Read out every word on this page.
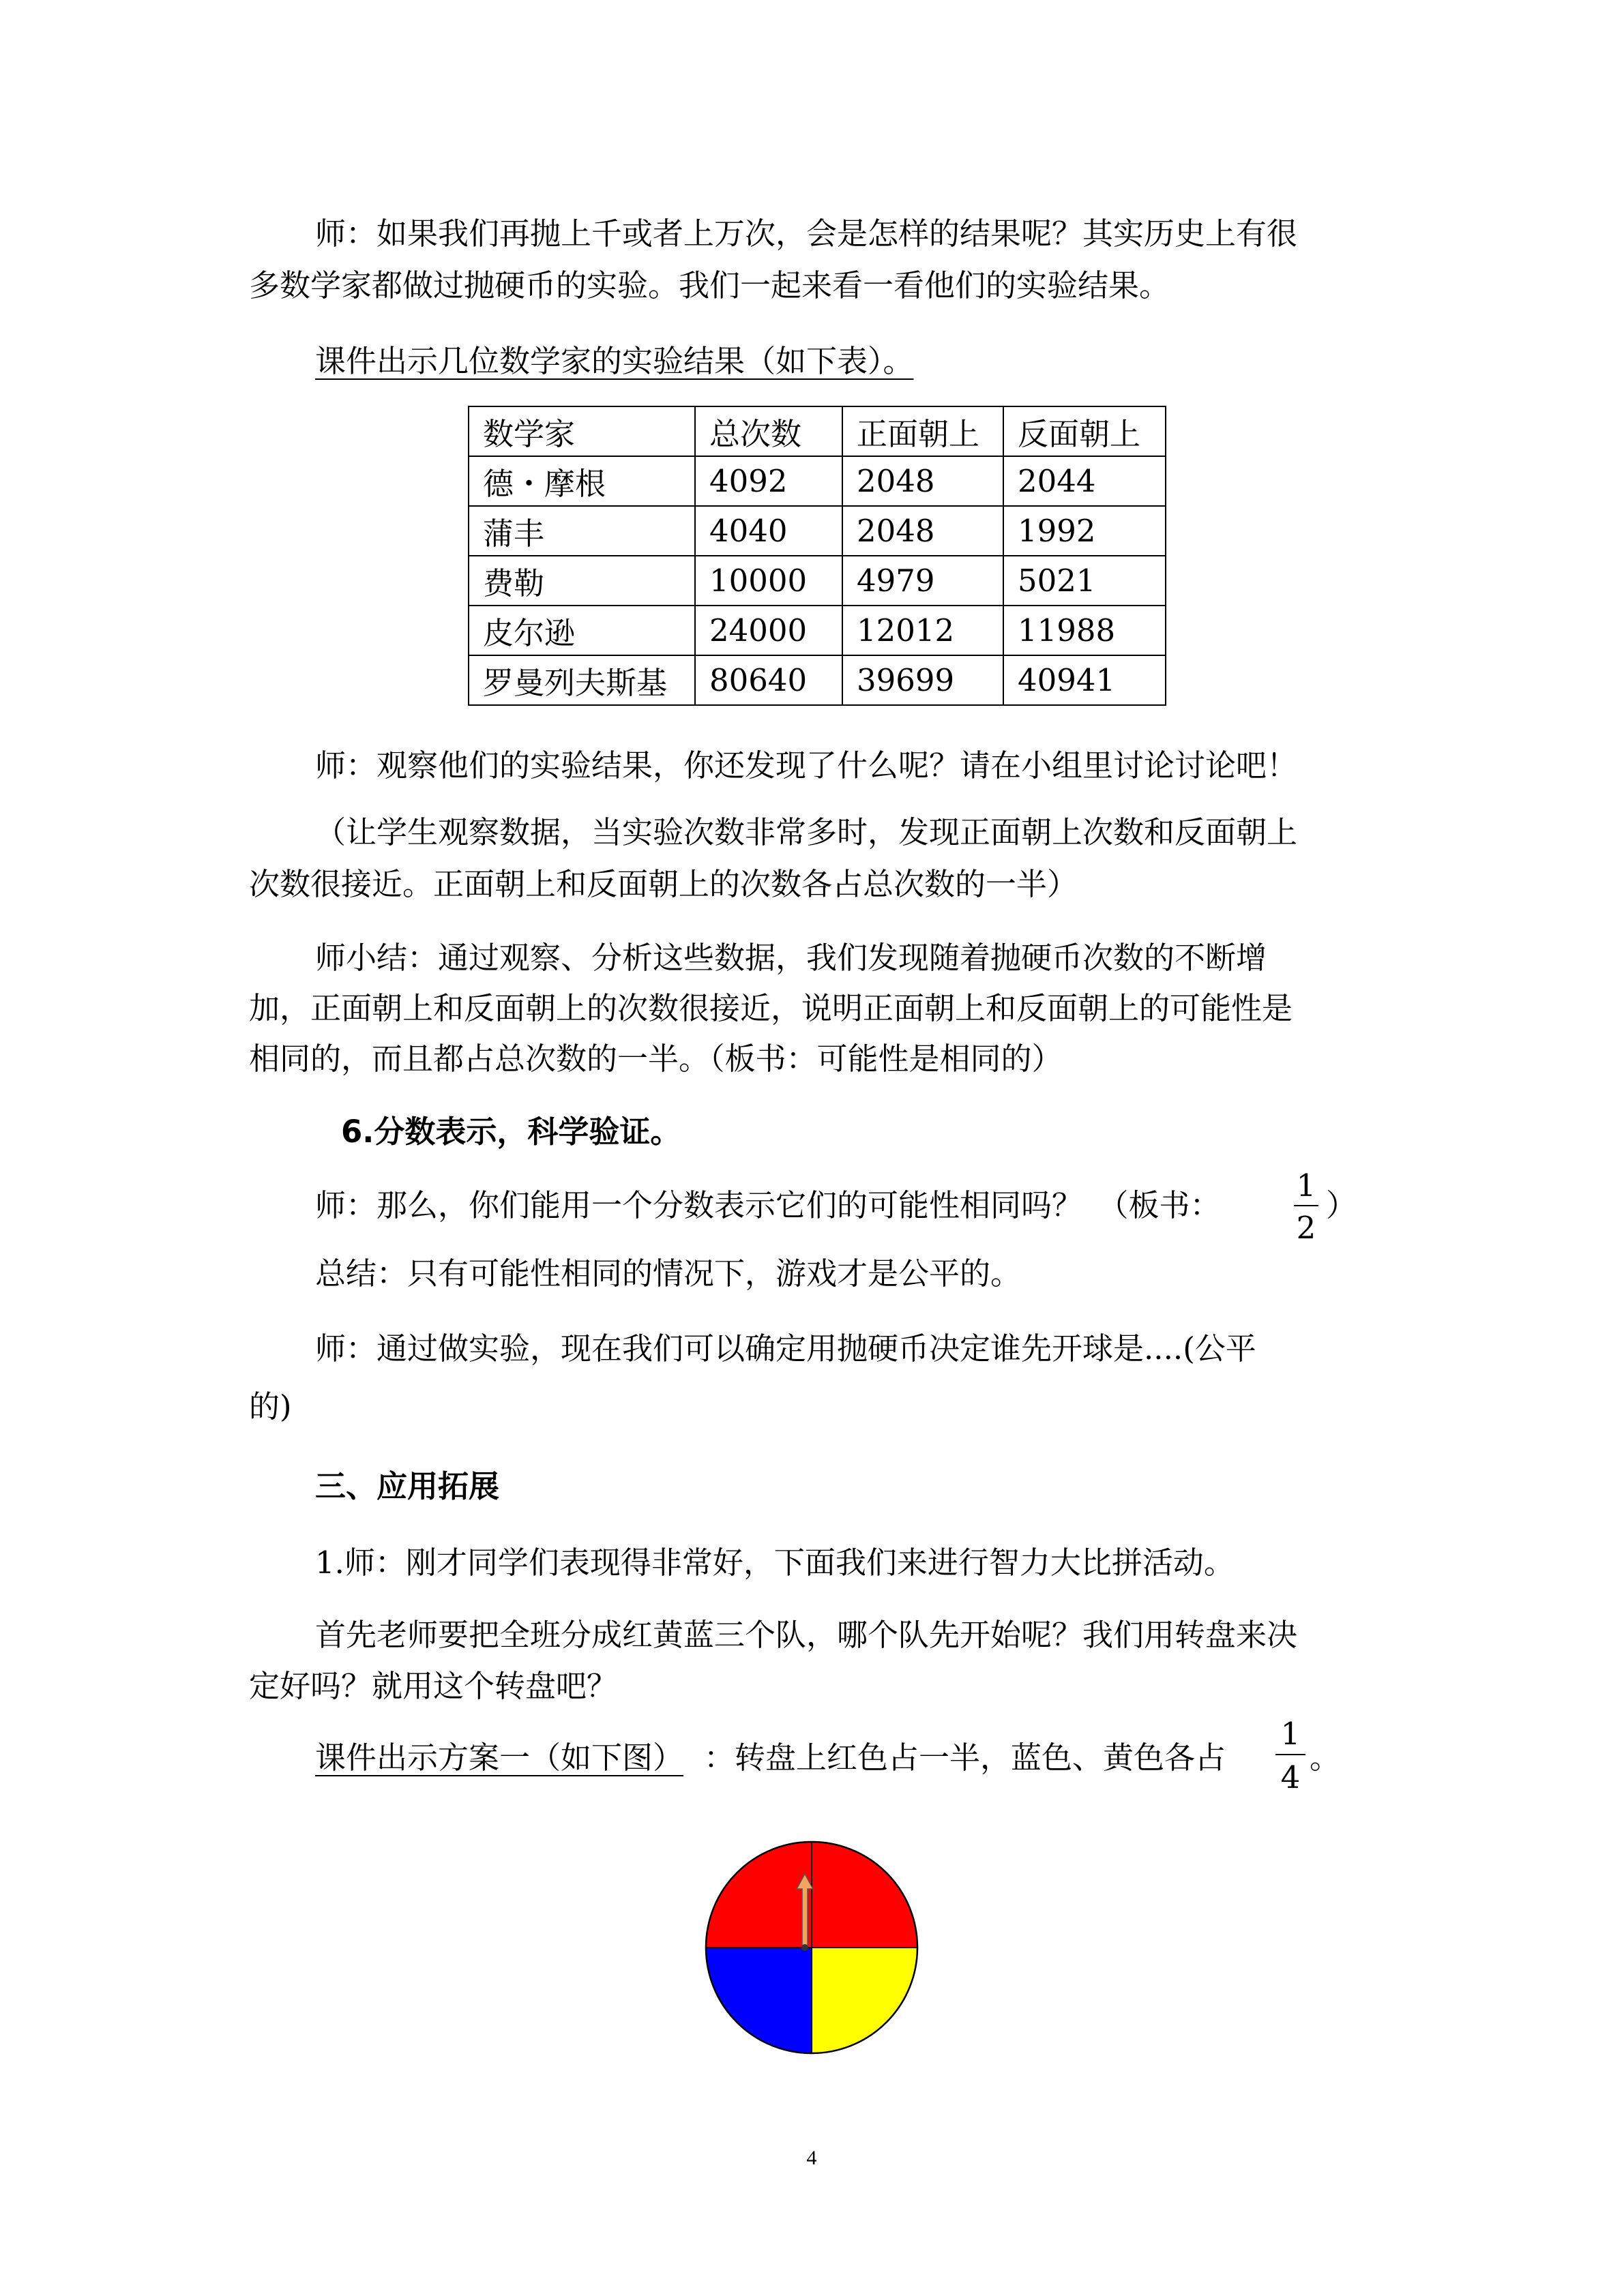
师：如果我们再抛上千或者上万次，会是怎样的结果呢？其实历史上有很
多数学家都做过抛硬币的实验。我们一起来看一看他们的实验结果。
课件出示几位数学家的实验结果（如下表）。
数学家	总次数	正面朝上	反面朝上
德・摩根	4092	2048	2044
蒲丰	4040	2048	1992
费勒	10000	4979	5021
皮尔逊	24000	12012	11988
罗曼列夫斯基	80640	39699	40941
师：观察他们的实验结果，你还发现了什么呢？请在小组里讨论讨论吧！
（让学生观察数据，当实验次数非常多时，发现正面朝上次数和反面朝上
次数很接近。正面朝上和反面朝上的次数各占总次数的一半）
师小结：通过观察、分析这些数据，我们发现随着抛硬币次数的不断增
加，正面朝上和反面朝上的次数很接近，说明正面朝上和反面朝上的可能性是
相同的，而且都占总次数的一半。（板书：可能性是相同的）
6.分数表示，科学验证。
师：那么，你们能用一个分数表示它们的可能性相同吗？　（板书：
1
2
）
总结：只有可能性相同的情况下，游戏才是公平的。
师：通过做实验，现在我们可以确定用抛硬币决定谁先开球是....(公平
的)
三、应用拓展
1.师：刚才同学们表现得非常好，下面我们来进行智力大比拼活动。
首先老师要把全班分成红黄蓝三个队，哪个队先开始呢？我们用转盘来决
定好吗？就用这个转盘吧？
课件出示方案一（如下图） ：转盘上红色占一半，蓝色、黄色各占
1
4
。
4
